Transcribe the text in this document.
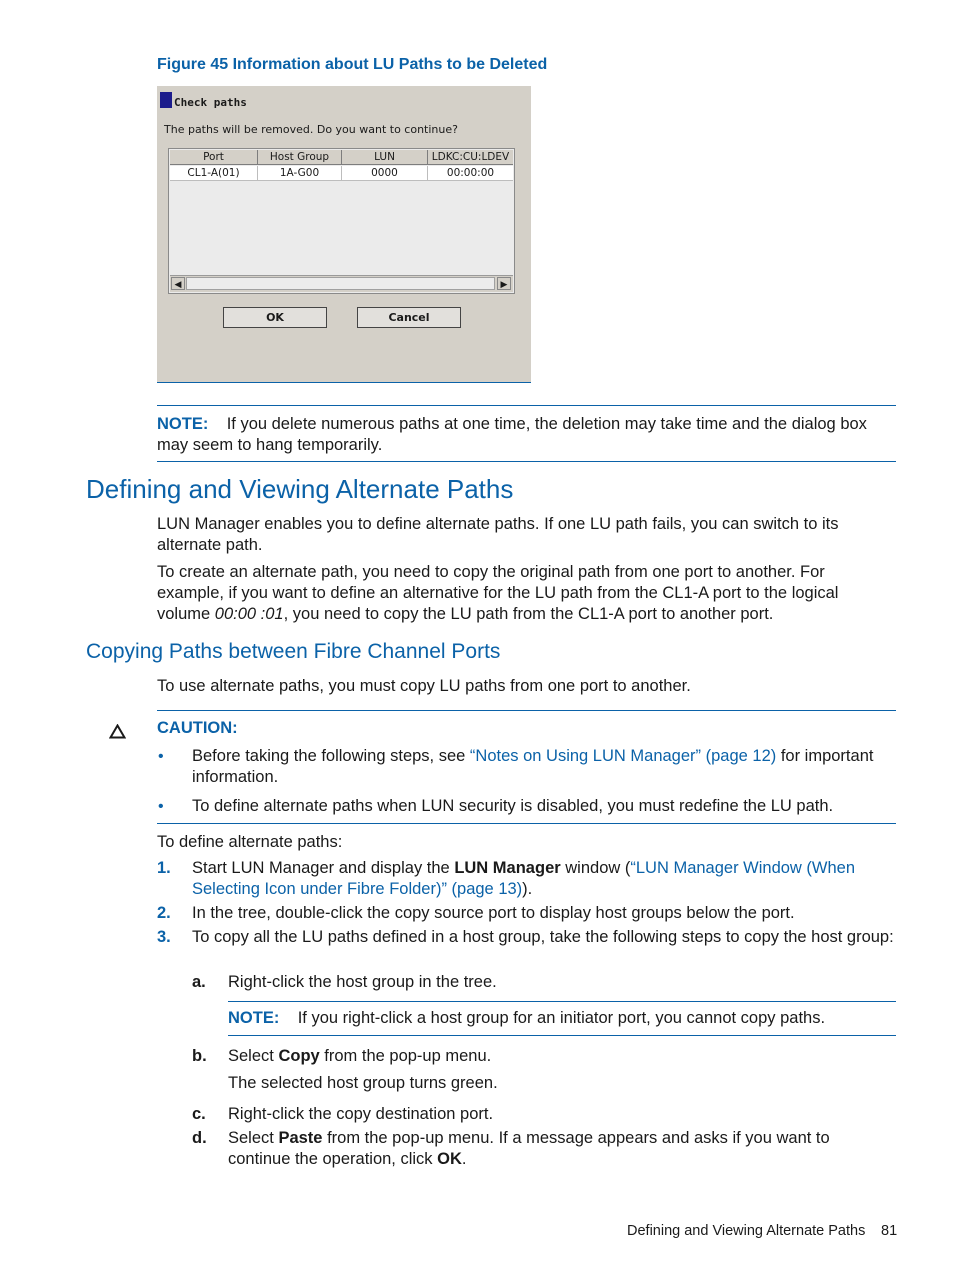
Figure 45 Information about LU Paths to be Deleted
Check paths
The paths will be removed. Do you want to continue?
Port	Host Group	LUN	LDKC:CU:LDEV
CL1-A(01)	1A-G00	0000	00:00:00
◀	▶
OK	Cancel
NOTE: If you delete numerous paths at one time, the deletion may take time and the dialog box may seem to hang temporarily.
Defining and Viewing Alternate Paths
LUN Manager enables you to define alternate paths. If one LU path fails, you can switch to its alternate path.
To create an alternate path, you need to copy the original path from one port to another. For example, if you want to define an alternative for the LU path from the CL1-A port to the logical volume 00:00 :01, you need to copy the LU path from the CL1-A port to another port.
Copying Paths between Fibre Channel Ports
To use alternate paths, you must copy LU paths from one port to another.
CAUTION:
• Before taking the following steps, see “Notes on Using LUN Manager” (page 12) for important information.
• To define alternate paths when LUN security is disabled, you must redefine the LU path.
To define alternate paths:
1. Start LUN Manager and display the LUN Manager window (“LUN Manager Window (When Selecting Icon under Fibre Folder)” (page 13)).
2. In the tree, double-click the copy source port to display host groups below the port.
3. To copy all the LU paths defined in a host group, take the following steps to copy the host group:
a. Right-click the host group in the tree.
NOTE: If you right-click a host group for an initiator port, you cannot copy paths.
b. Select Copy from the pop-up menu.
The selected host group turns green.
c. Right-click the copy destination port.
d. Select Paste from the pop-up menu. If a message appears and asks if you want to continue the operation, click OK.
Defining and Viewing Alternate Paths 81
